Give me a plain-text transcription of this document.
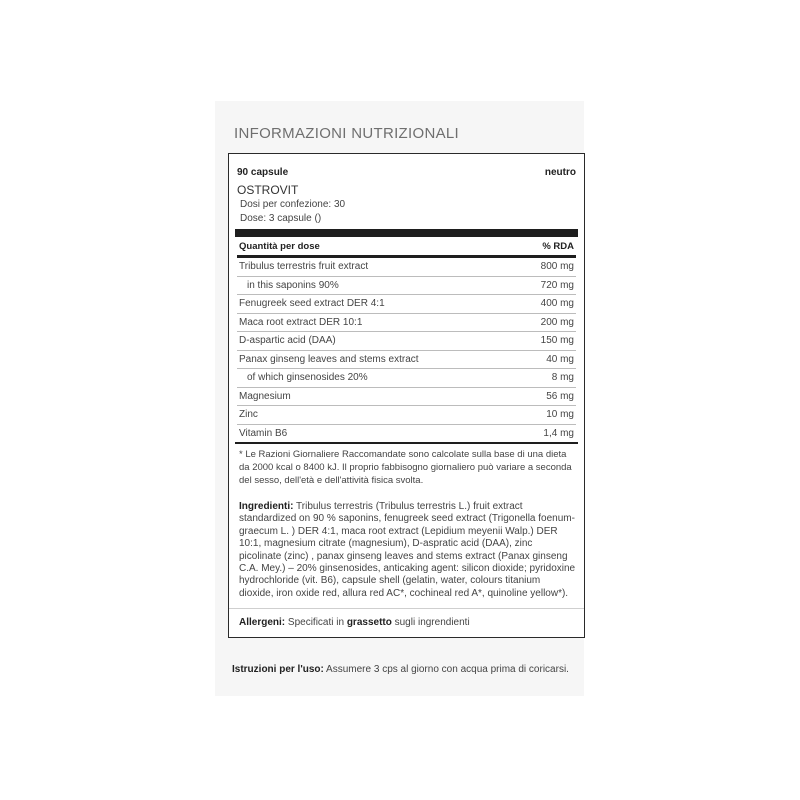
INFORMAZIONI NUTRIZIONALI
90 capsule	neutro
OSTROVIT
Dosi per confezione: 30
Dose: 3 capsule ()
Quantità per dose	% RDA
Tribulus terrestris fruit extract	800 mg
in this saponins 90%	720 mg
Fenugreek seed extract DER 4:1	400 mg
Maca root extract DER 10:1	200 mg
D-aspartic acid (DAA)	150 mg
Panax ginseng leaves and stems extract	40 mg
of which ginsenosides 20%	8 mg
Magnesium	56 mg
Zinc	10 mg
Vitamin B6	1,4 mg
* Le Razioni Giornaliere Raccomandate sono calcolate sulla base di una dieta da 2000 kcal o 8400 kJ. Il proprio fabbisogno giornaliero può variare a seconda del sesso, dell'età e dell'attività fisica svolta.
Ingredienti: Tribulus terrestris (Tribulus terrestris L.) fruit extract standardized on 90 % saponins, fenugreek seed extract (Trigonella foenum-graecum L. ) DER 4:1, maca root extract (Lepidium meyenii Walp.) DER 10:1, magnesium citrate (magnesium), D-aspratic acid (DAA), zinc picolinate (zinc) , panax ginseng leaves and stems extract (Panax ginseng C.A. Mey.) – 20% ginsenosides, anticaking agent: silicon dioxide; pyridoxine hydrochloride (vit. B6), capsule shell (gelatin, water, colours titanium dioxide, iron oxide red, allura red AC*, cochineal red A*, quinoline yellow*).
Allergeni: Specificati in grassetto sugli ingrendienti
Istruzioni per l'uso: Assumere 3 cps al giorno con acqua prima di coricarsi.
